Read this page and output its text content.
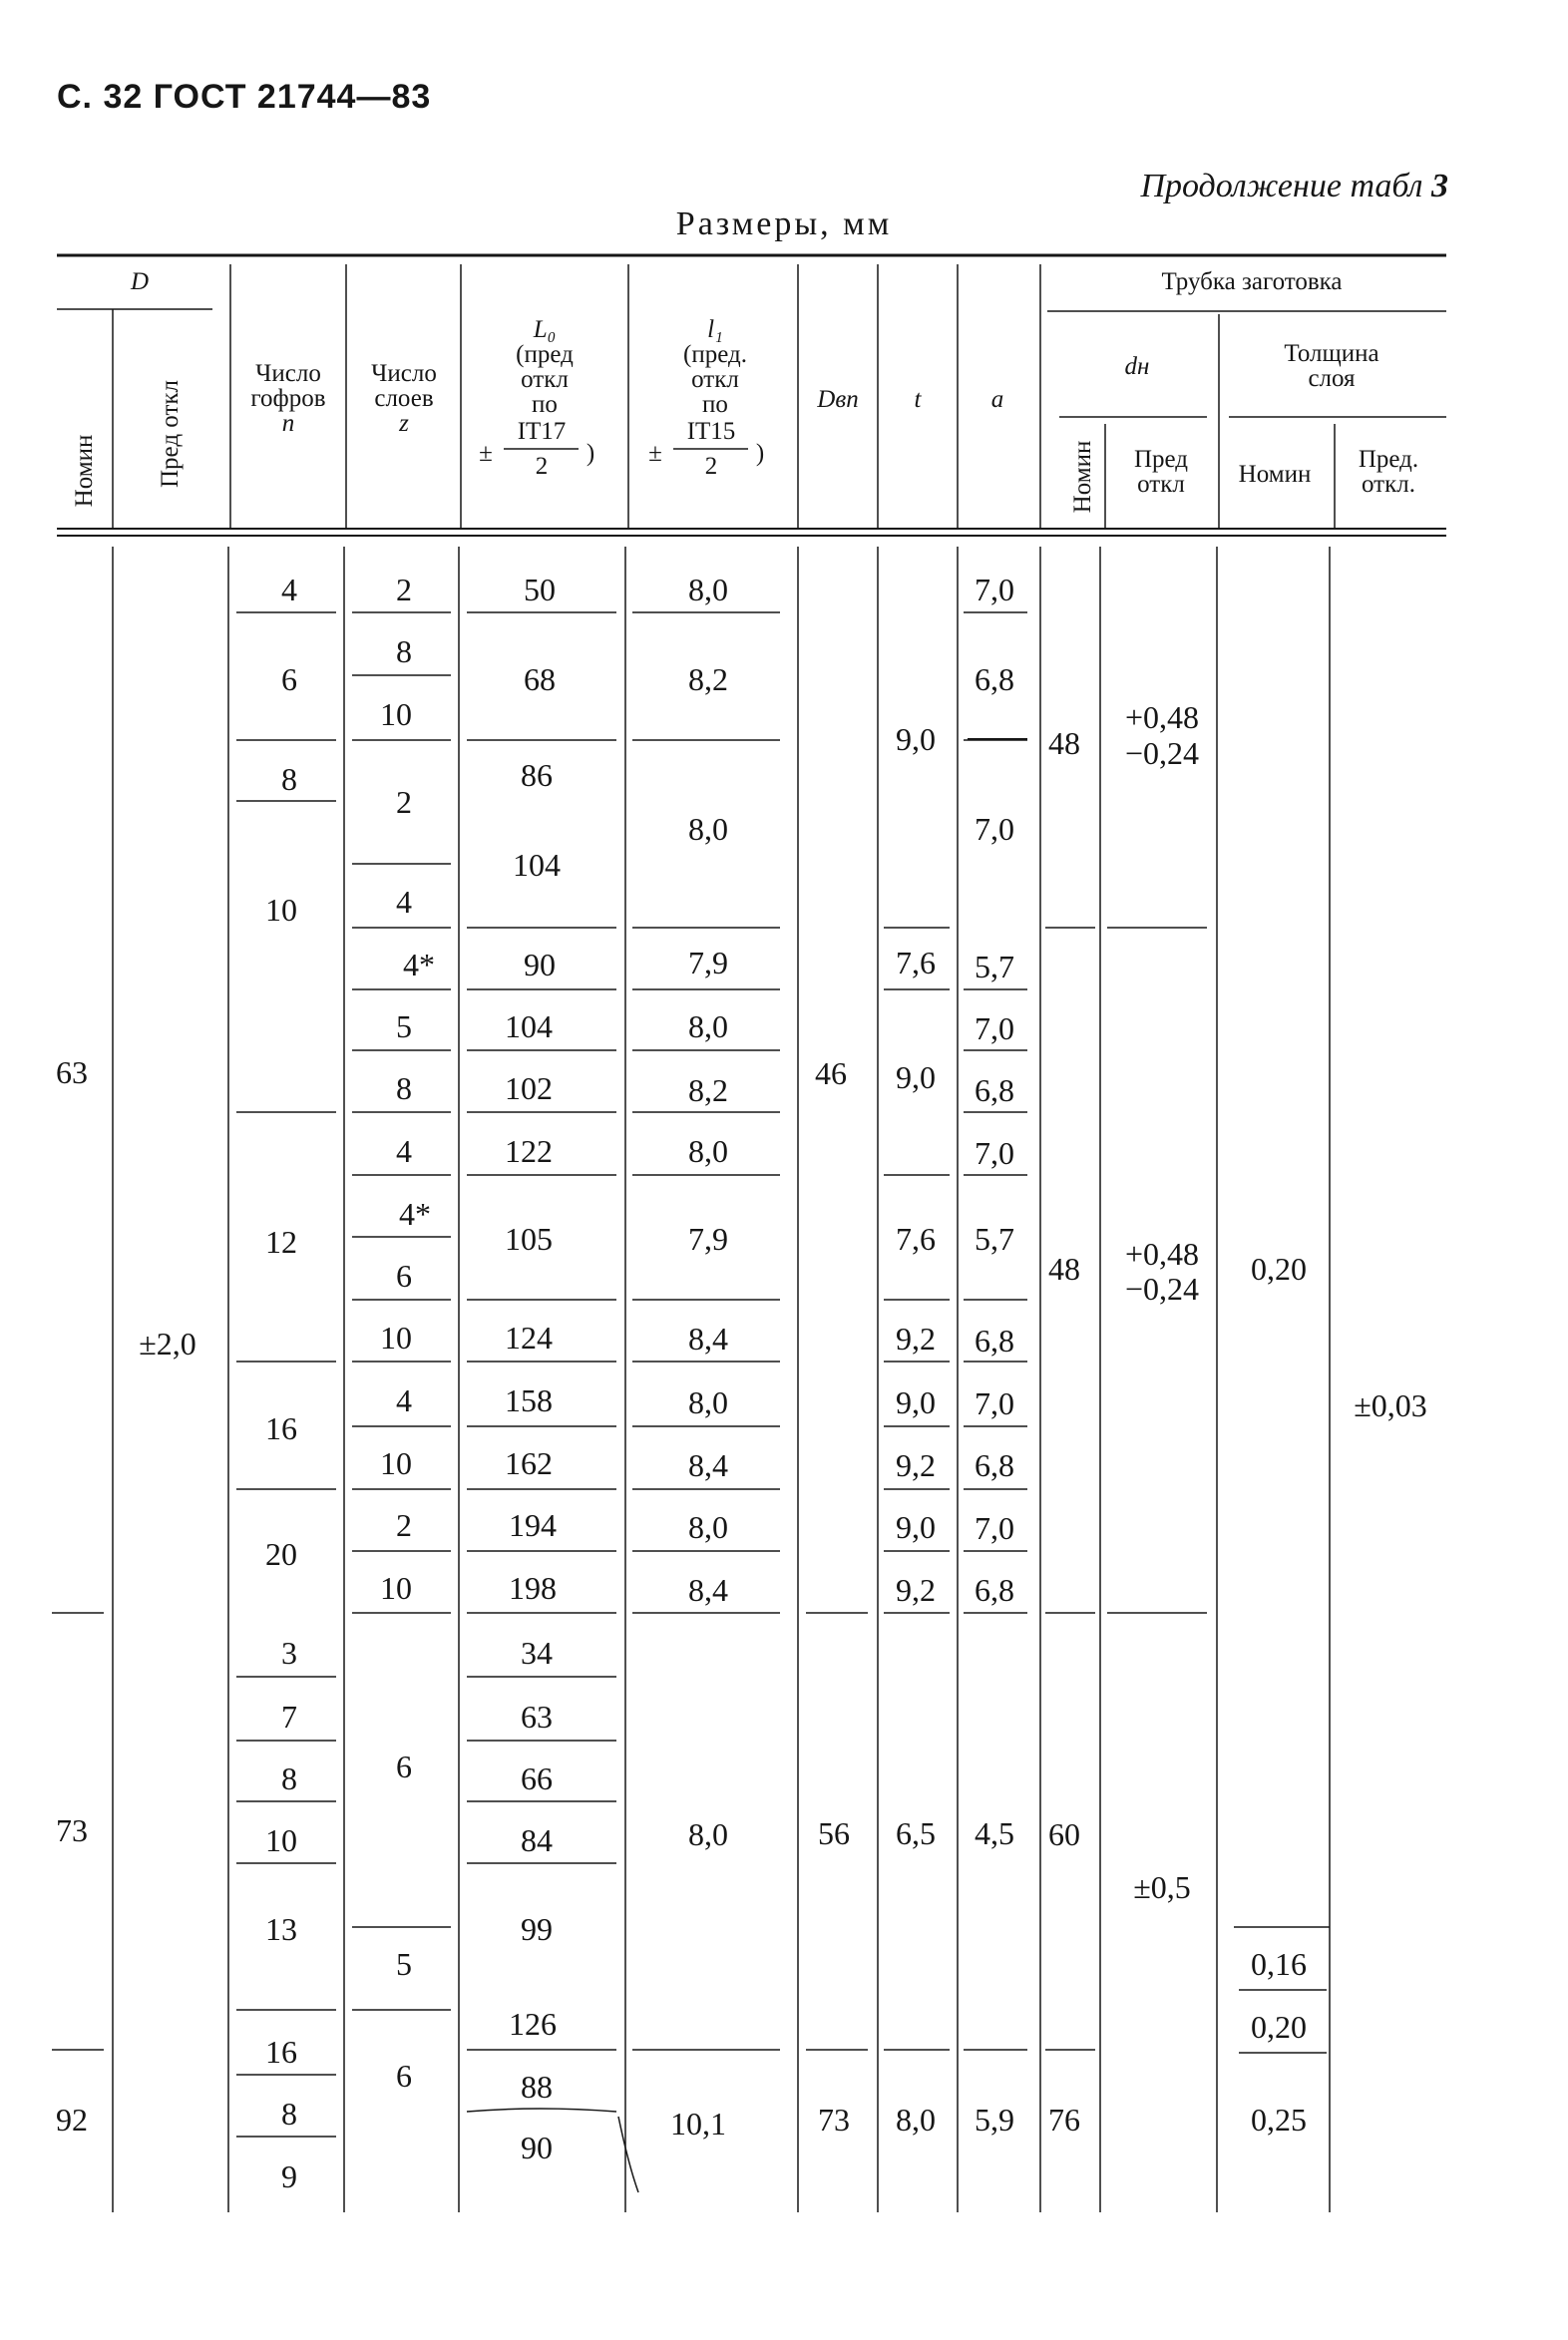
С. 32 ГОСТ 21744—83
Продолжение табл 3
Размеры, мм
D
Номин Пред откл
Число
гофров
n
Число
слоев
z
L₀
(пред
откл
по
±
IT17
2 )
l₁
(пред.
откл
по
±
IT15
2 )
Dвп t	a
Трубка заготовка
dн	Толщина
слоя
Номин Пред
откл Номин
Пред.
откл.
63
73
92
±2,0
4
6
8
10
12
16
20
3
7
8
10
13
16
8
9
2
8
10
2
4
4*
5
8
4
4*
6
10
4
10
2
10
6
5
6
50
68
86
104
90
104
102
122
105
124
158
162
194
198
34
63
66
84
99
126
88
90
8,0
8,2
8,0
7,9
8,0
8,2
8,0
7,9
8,4
8,0
8,4
8,0
8,4
8,0
10,1
46
56
73
9,0
7,6
9,0
7,6
9,2
9,0
9,2
9,0
9,2
6,5
8,0
7,0
6,8
7,0
5,7
7,0
6,8
7,0
5,7
6,8
7,0
6,8
7,0
6,8
4,5
5,9
48
48
60
76
+0,48
−0,24
+0,48
−0,24
±0,5
0,20
0,16
0,20
0,25
±0,03
